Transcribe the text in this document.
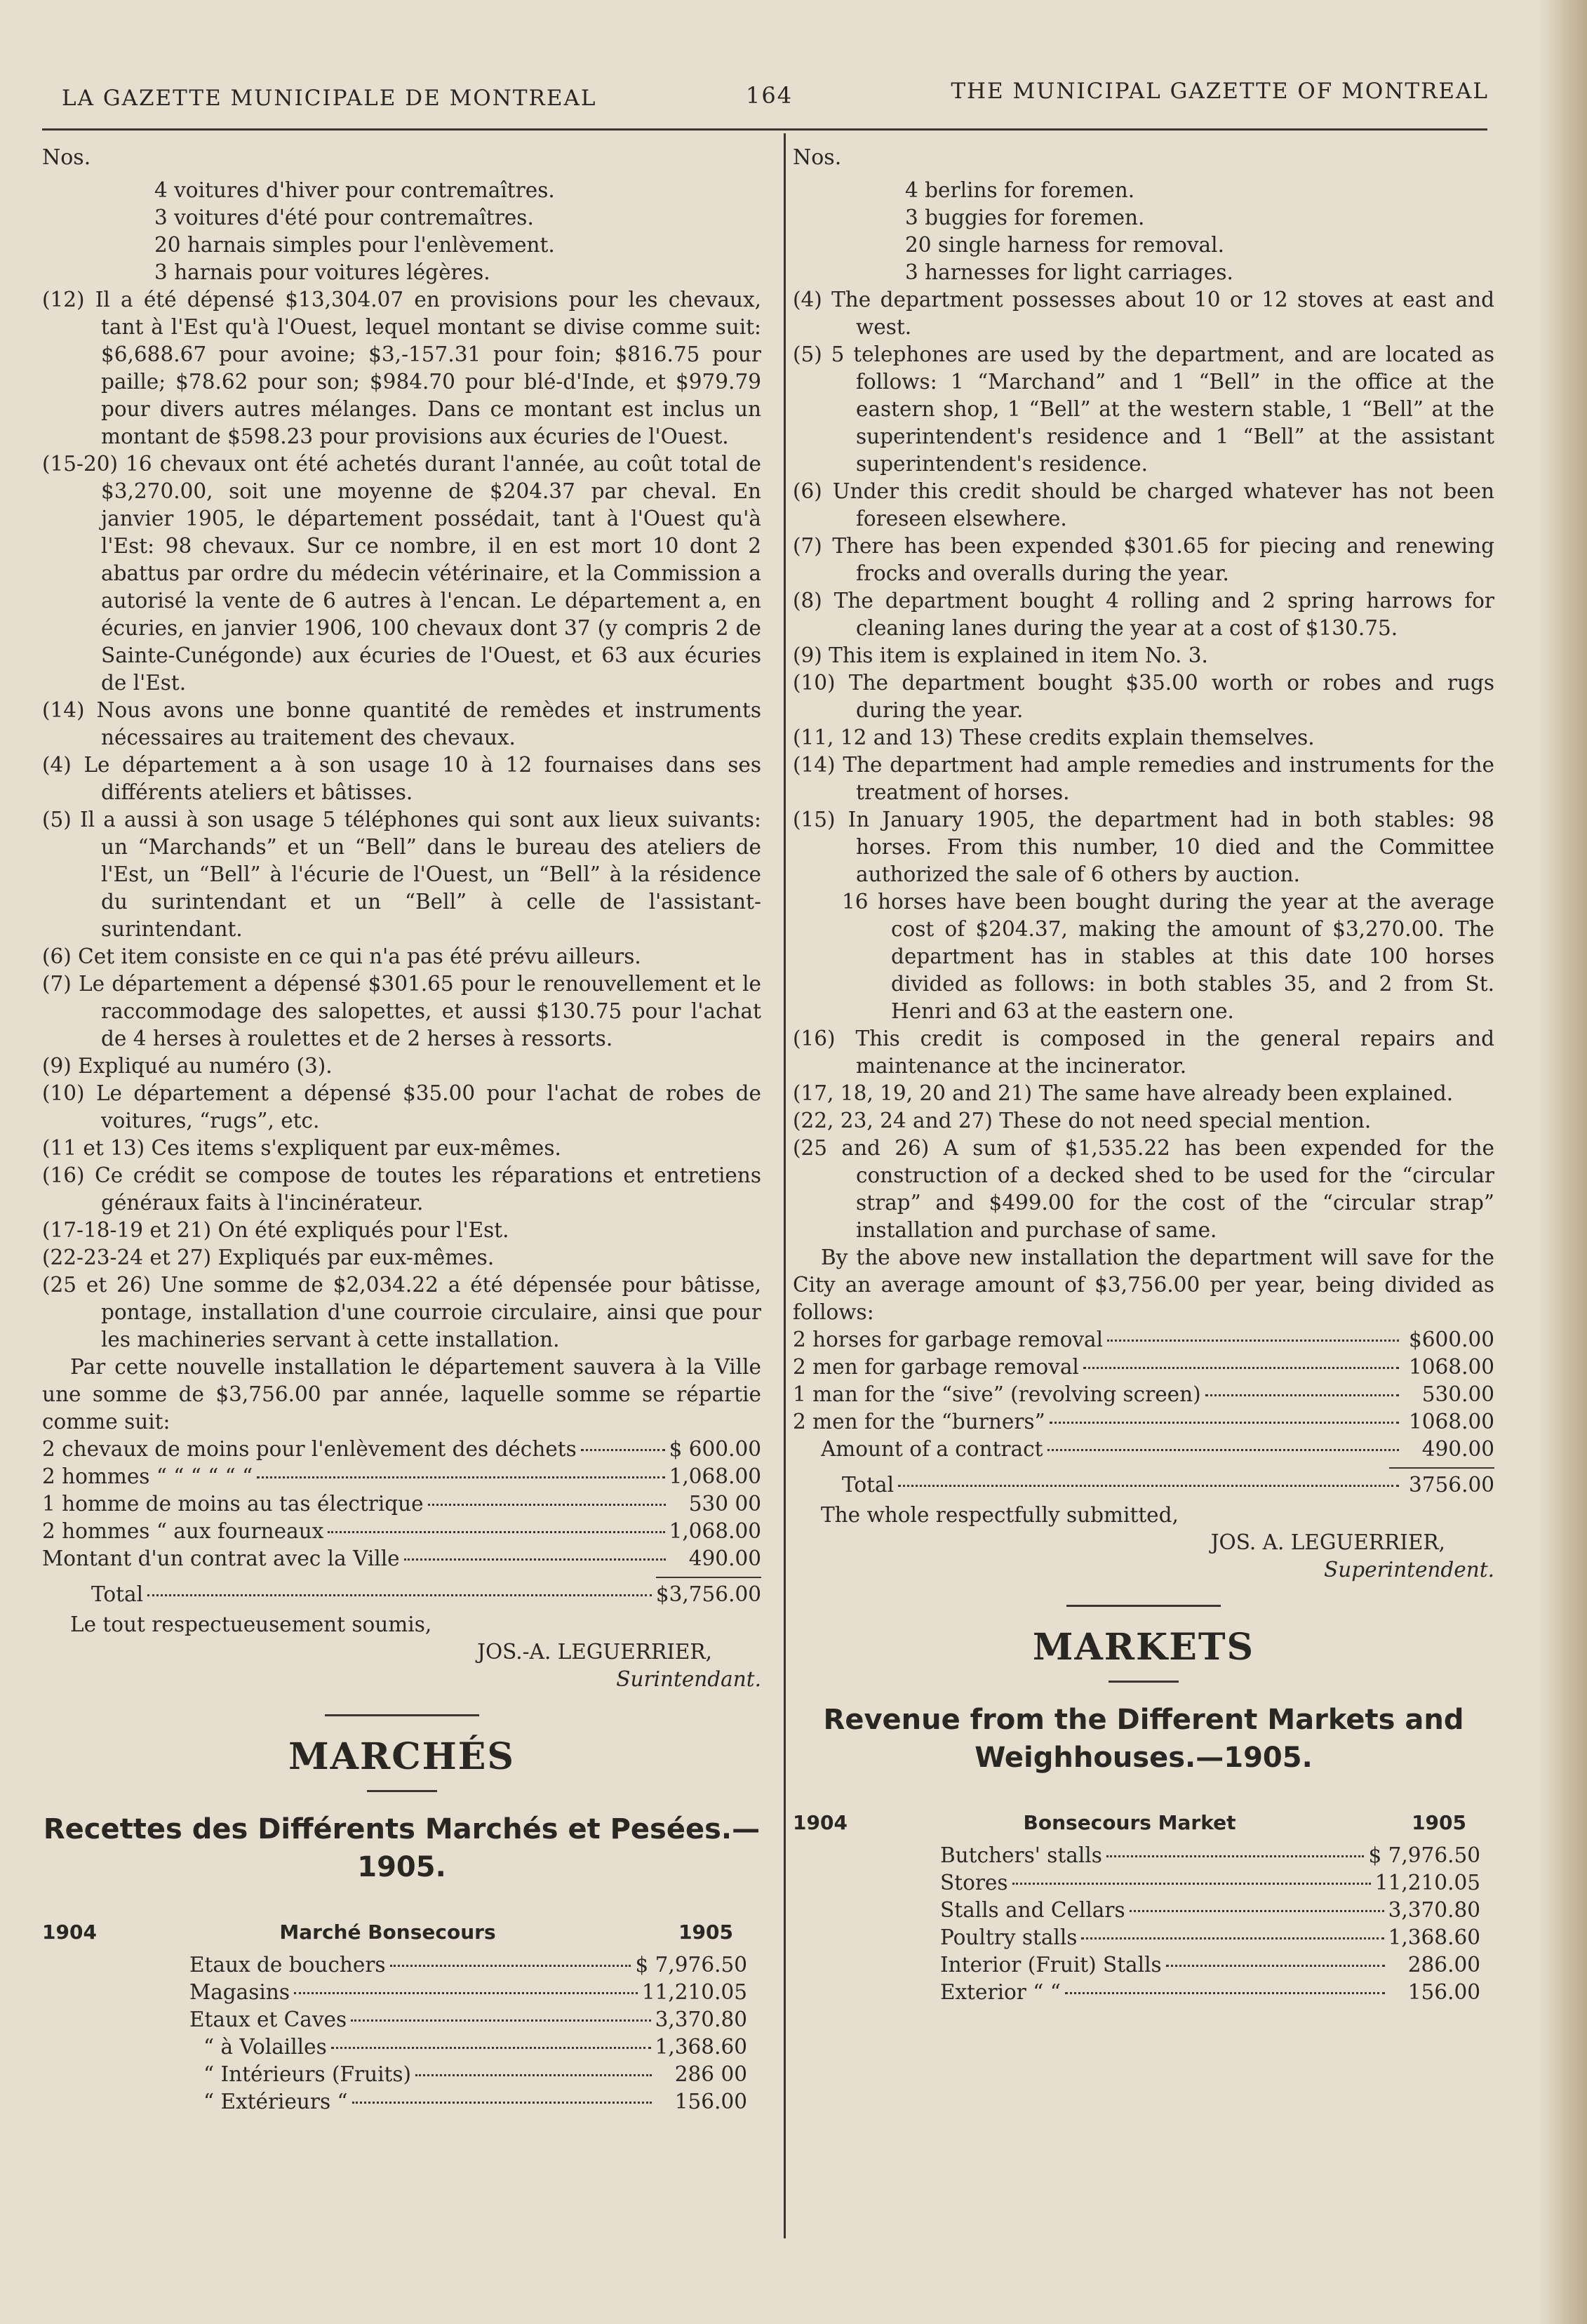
LA GAZETTE MUNICIPALE DE MONTREAL	164	THE MUNICIPAL GAZETTE OF MONTREAL

Nos.

4 voitures d'hiver pour contremaîtres.

3 voitures d'été pour contremaîtres.

20 harnais simples pour l'enlèvement.

3 harnais pour voitures légères.

(12) Il a été dépensé $13,304.07 en provisions pour les chevaux, tant à l'Est qu'à l'Ouest, lequel montant se divise comme suit: $6,688.67 pour avoine; $3,-157.31 pour foin; $816.75 pour paille; $78.62 pour son; $984.70 pour blé-d'Inde, et $979.79 pour divers autres mélanges. Dans ce montant est inclus un montant de $598.23 pour provisions aux écuries de l'Ouest.

(15-20) 16 chevaux ont été achetés durant l'année, au coût total de $3,270.00, soit une moyenne de $204.37 par cheval. En janvier 1905, le département possédait, tant à l'Ouest qu'à l'Est: 98 chevaux. Sur ce nombre, il en est mort 10 dont 2 abattus par ordre du médecin vétérinaire, et la Commission a autorisé la vente de 6 autres à l'encan. Le département a, en écuries, en janvier 1906, 100 chevaux dont 37 (y compris 2 de Sainte-Cunégonde) aux écuries de l'Ouest, et 63 aux écuries de l'Est.

(14) Nous avons une bonne quantité de remèdes et instruments nécessaires au traitement des chevaux.

(4) Le département a à son usage 10 à 12 fournaises dans ses différents ateliers et bâtisses.

(5) Il a aussi à son usage 5 téléphones qui sont aux lieux suivants: un “Marchands” et un “Bell” dans le bureau des ateliers de l'Est, un “Bell” à l'écurie de l'Ouest, un “Bell” à la résidence du surintendant et un “Bell” à celle de l'assistant-surintendant.

(6) Cet item consiste en ce qui n'a pas été prévu ailleurs.

(7) Le département a dépensé $301.65 pour le renouvellement et le raccommodage des salopettes, et aussi $130.75 pour l'achat de 4 herses à roulettes et de 2 herses à ressorts.

(9) Expliqué au numéro (3).

(10) Le département a dépensé $35.00 pour l'achat de robes de voitures, “rugs”, etc.

(11 et 13) Ces items s'expliquent par eux-mêmes.

(16) Ce crédit se compose de toutes les réparations et entretiens généraux faits à l'incinérateur.

(17-18-19 et 21) On été expliqués pour l'Est.

(22-23-24 et 27) Expliqués par eux-mêmes.

(25 et 26) Une somme de $2,034.22 a été dépensée pour bâtisse, pontage, installation d'une courroie circulaire, ainsi que pour les machineries servant à cette installation.

Par cette nouvelle installation le département sauvera à la Ville une somme de $3,756.00 par année, laquelle somme se répartie comme suit:

2 chevaux de moins pour l'enlèvement des déchets	$ 600.00
2 hommes “ “ “ “ “ “	1,068.00
1 homme de moins au tas électrique	530 00
2 hommes “ aux fourneaux	1,068.00
Montant d'un contrat avec la Ville	490.00
Total	$3,756.00

Le tout respectueusement soumis,

JOS.-A. LEGUERRIER,

Surintendant.

MARCHÉS

Recettes des Différents Marchés et Pesées.—1905.

1904	Marché Bonsecours	1905
Etaux de bouchers	$ 7,976.50
Magasins	11,210.05
Etaux et Caves	3,370.80
“ à Volailles	1,368.60
“ Intérieurs (Fruits)	286 00
“ Extérieurs “	156.00

Nos.

4 berlins for foremen.

3 buggies for foremen.

20 single harness for removal.

3 harnesses for light carriages.

(4) The department possesses about 10 or 12 stoves at east and west.

(5) 5 telephones are used by the department, and are located as follows: 1 “Marchand” and 1 “Bell” in the office at the eastern shop, 1 “Bell” at the western stable, 1 “Bell” at the superintendent's residence and 1 “Bell” at the assistant superintendent's residence.

(6) Under this credit should be charged whatever has not been foreseen elsewhere.

(7) There has been expended $301.65 for piecing and renewing frocks and overalls during the year.

(8) The department bought 4 rolling and 2 spring harrows for cleaning lanes during the year at a cost of $130.75.

(9) This item is explained in item No. 3.

(10) The department bought $35.00 worth or robes and rugs during the year.

(11, 12 and 13) These credits explain themselves.

(14) The department had ample remedies and instruments for the treatment of horses.

(15) In January 1905, the department had in both stables: 98 horses. From this number, 10 died and the Committee authorized the sale of 6 others by auction.

16 horses have been bought during the year at the average cost of $204.37, making the amount of $3,270.00. The department has in stables at this date 100 horses divided as follows: in both stables 35, and 2 from St. Henri and 63 at the eastern one.

(16) This credit is composed in the general repairs and maintenance at the incinerator.

(17, 18, 19, 20 and 21) The same have already been explained.

(22, 23, 24 and 27) These do not need special mention.

(25 and 26) A sum of $1,535.22 has been expended for the construction of a decked shed to be used for the “circular strap” and $499.00 for the cost of the “circular strap” installation and purchase of same.

By the above new installation the department will save for the City an average amount of $3,756.00 per year, being divided as follows:

2 horses for garbage removal	$600.00
2 men for garbage removal	1068.00
1 man for the “sive” (revolving screen)	530.00
2 men for the “burners”	1068.00
Amount of a contract	490.00
Total	3756.00

The whole respectfully submitted,

JOS. A. LEGUERRIER,

Superintendent.

MARKETS

Revenue from the Different Markets and Weighhouses.—1905.

1904	Bonsecours Market	1905
Butchers' stalls	$ 7,976.50
Stores	11,210.05
Stalls and Cellars	3,370.80
Poultry stalls	1,368.60
Interior (Fruit) Stalls	286.00
Exterior “ “	156.00
